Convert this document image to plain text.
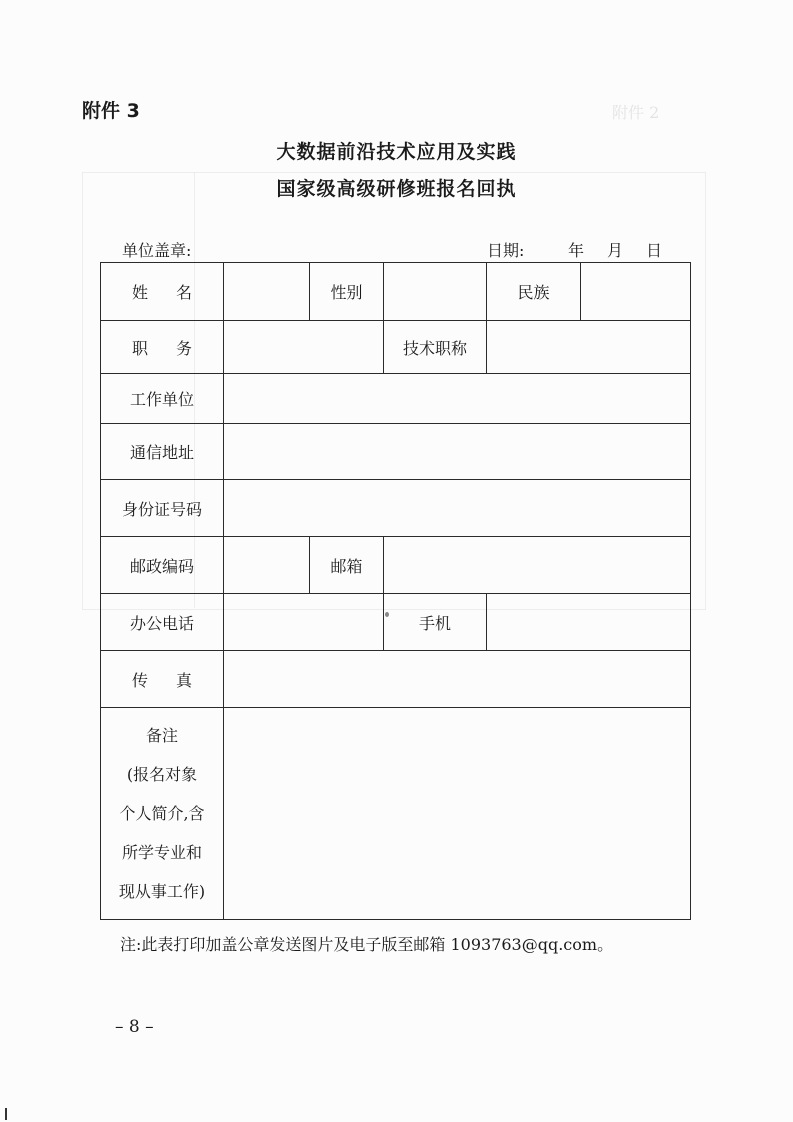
附件 2
附件 3
大数据前沿技术应用及实践
国家级高级研修班报名回执
单位盖章:	日期:	年 月 日
姓名		性别		民族	
职务			技术职称		
工作单位					
通信地址					
身份证号码					
邮政编码		邮箱			
办公电话			手机		
传真					

备注
(报名对象
个人简介,含
所学专业和
现从事工作)					

注:此表打印加盖公章发送图片及电子版至邮箱 1093763@qq.com。
– 8 –
